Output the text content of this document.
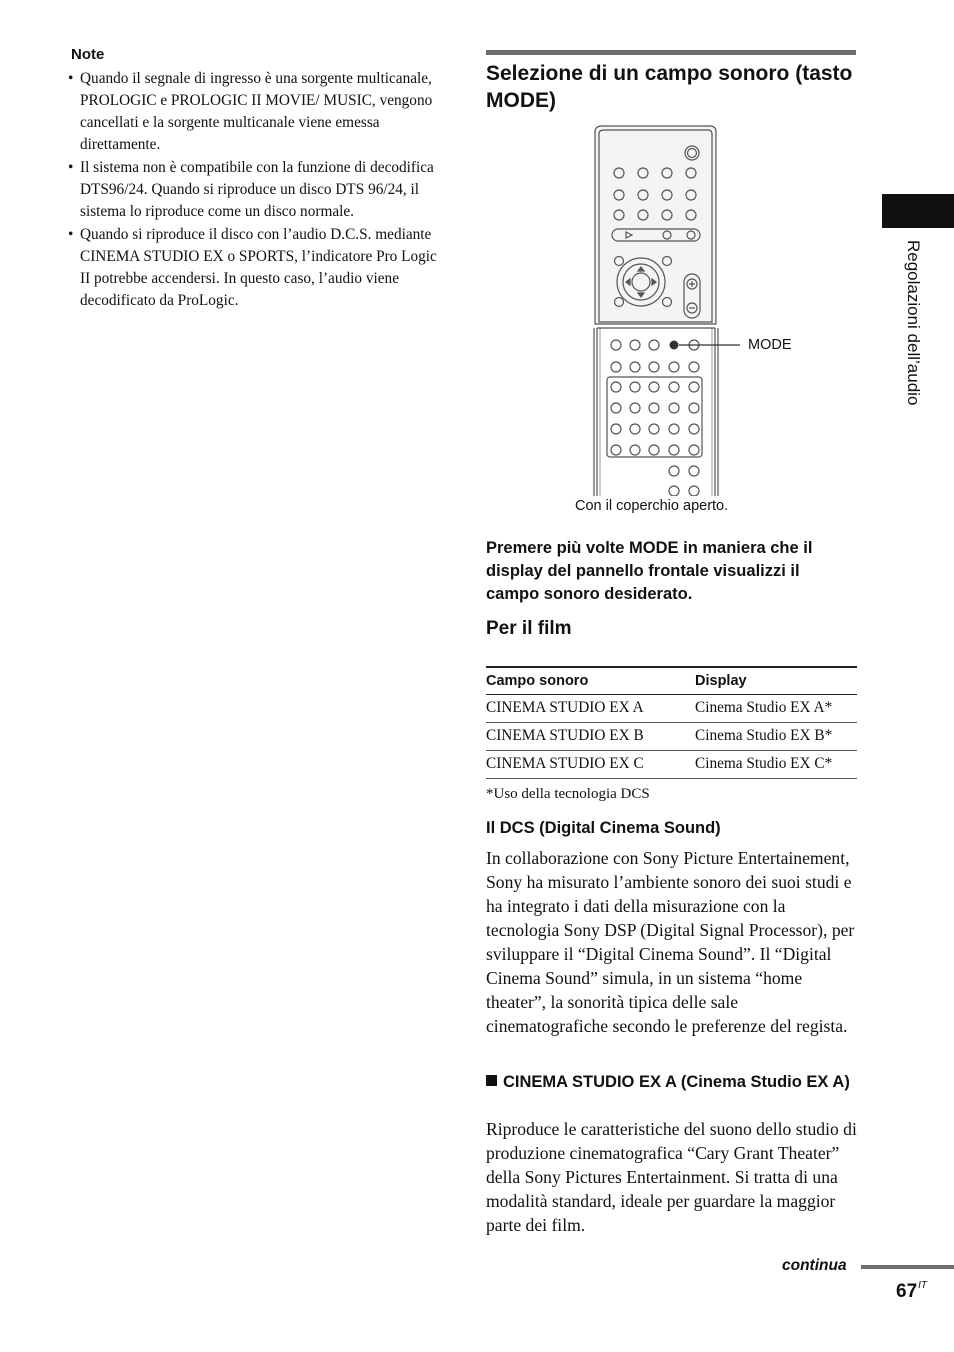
Note
• Quando il segnale di ingresso è una sorgente multicanale, PROLOGIC e PROLOGIC II MOVIE/ MUSIC, vengono cancellati e la sorgente multicanale viene emessa direttamente.
• Il sistema non è compatibile con la funzione di decodifica DTS96/24. Quando si riproduce un disco DTS 96/24, il sistema lo riproduce come un disco normale.
• Quando si riproduce il disco con l’audio D.C.S. mediante CINEMA STUDIO EX o SPORTS, l’indicatore Pro Logic II potrebbe accendersi. In questo caso, l’audio viene decodificato da ProLogic.
Selezione di un campo sonoro (tasto MODE)
MODE
Con il coperchio aperto.

Premere più volte MODE in maniera che il display del pannello frontale visualizzi il campo sonoro desiderato.

Per il film
Campo sonoro	Display
CINEMA STUDIO EX A	Cinema Studio EX A*
CINEMA STUDIO EX B	Cinema Studio EX B*
CINEMA STUDIO EX C	Cinema Studio EX C*
*Uso della tecnologia DCS
Il DCS (Digital Cinema Sound)

In collaborazione con Sony Picture Entertainement, Sony ha misurato l’ambiente sonoro dei suoi studi e ha integrato i dati della misurazione con la tecnologia Sony DSP (Digital Signal Processor), per sviluppare il “Digital Cinema Sound”. Il “Digital Cinema Sound” simula, in un sistema “home theater”, la sonorità tipica delle sale cinematografiche secondo le preferenze del regista.

CINEMA STUDIO EX A (Cinema Studio EX A)

Riproduce le caratteristiche del suono dello studio di produzione cinematografica “Cary Grant Theater” della Sony Pictures Entertainment. Si tratta di una modalità standard, ideale per guardare la maggior parte dei film.

Regolazioni dell’audio
continua
$67^{IT}$
